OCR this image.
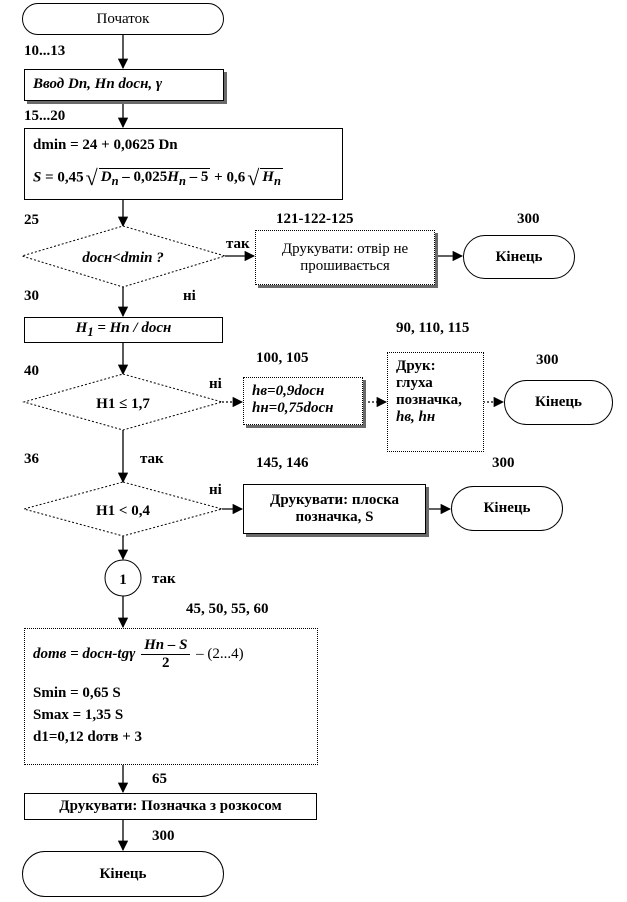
dосн<dmin ?
H1 ≤ 1,7
H1 < 0,4
1
10...13
15...20
25	121-122-125	300
так
ні
30
90, 110, 115
100, 105	300
40
ні
36	так	145, 146	300
ні
так
45, 50, 55, 60
65
300
Початок
Ввод Dn, Hn dосн, γ
dmin = 24 + 0,0625 Dn
S = 0,45√ $D_п - 0,025H_п - 5 + 0,6√$ $H_п$
Друкувати: отвір не
прошивається
Кінець
$H_1 = Hn$ / dосн
hв=0,9dосн
hн=0,75dосн
Друк:
глуха
позначка,
hв, hн
Кінець
Друкувати: плоска
позначка, S
Кінець
dотв = dосн-tgγ $\frac{Hп - S}{2} - (2...4)$
Smin = 0,65 S
Smax = 1,35 S
d1=0,12 dотв + 3
Друкувати: Позначка з розкосом
Кінець
